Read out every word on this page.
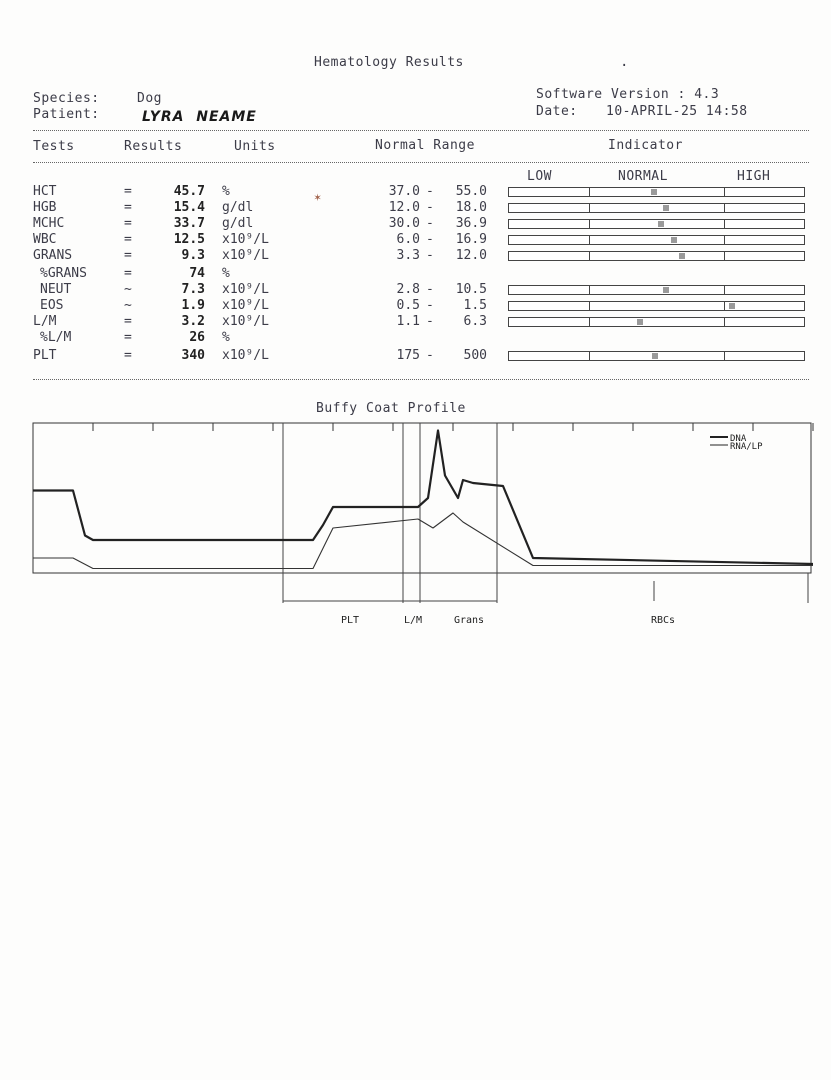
Hematology Results	.
Species:	Dog
Patient:	LYRA  NEAME
Software Version : 4.3
Date: 10-APRIL-25 14:58
Tests	Results	Units	Normal Range	Indicator
LOW	NORMAL	HIGH
✶
HCT	=	45.7 %	37.0 -	55.0
HGB	=	15.4 g/dl	12.0 -	18.0
MCHC	=	33.7 g/dl	30.0 -	36.9
WBC	=	12.5 x10⁹/L	6.0 -	16.9
GRANS	=	9.3 x10⁹/L	3.3 -	12.0
%GRANS	=	74 %
NEUT	~	7.3 x10⁹/L	2.8 -	10.5
EOS	~	1.9 x10⁹/L	0.5 -	1.5
L/M	=	3.2 x10⁹/L	1.1 -	6.3
%L/M	=	26 %
PLT	=	340 x10⁹/L	175 -	500
Buffy Coat Profile
DNA
RNA/LP
PLT	L/M	Grans	RBCs
